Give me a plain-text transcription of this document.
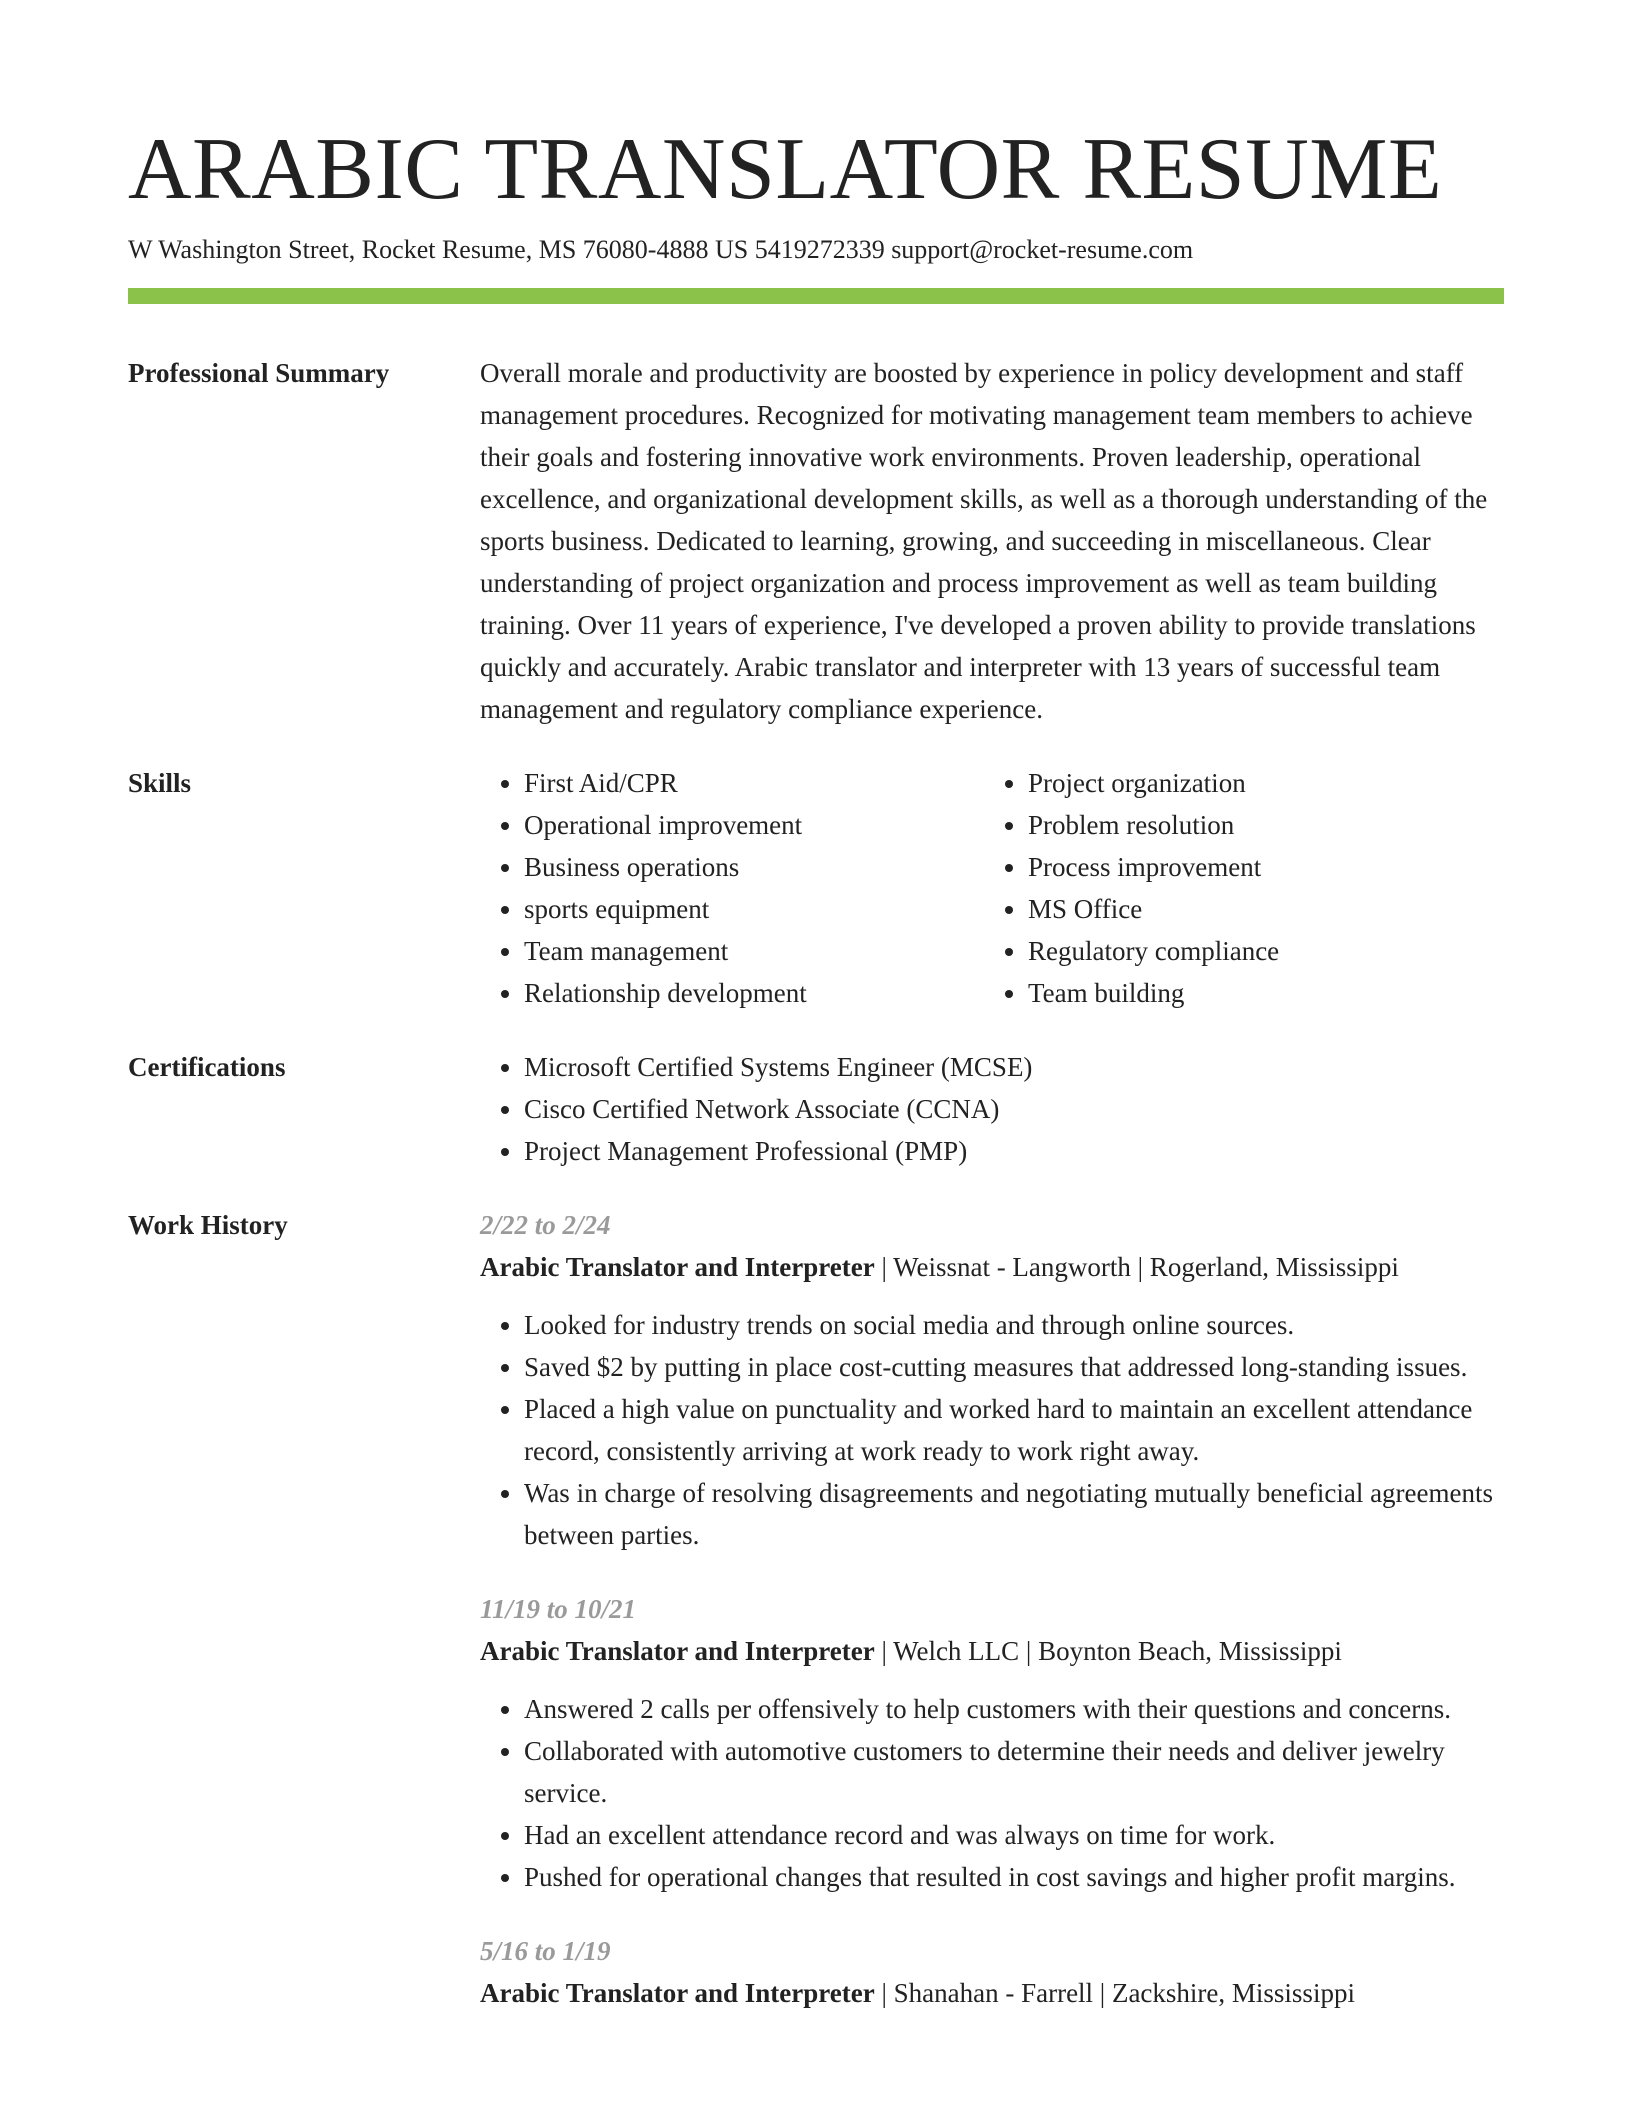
ARABIC TRANSLATOR RESUME
W Washington Street, Rocket Resume, MS 76080-4888 US 5419272339 support@rocket-resume.com
Professional Summary	Overall morale and productivity are boosted by experience in policy development and staff management procedures. Recognized for motivating management team members to achieve their goals and fostering innovative work environments. Proven leadership, operational excellence, and organizational development skills, as well as a thorough understanding of the sports business. Dedicated to learning, growing, and succeeding in miscellaneous. Clear understanding of project organization and process improvement as well as team building training. Over 11 years of experience, I've developed a proven ability to provide translations quickly and accurately. Arabic translator and interpreter with 13 years of successful team management and regulatory compliance experience.

Skills	• First Aid/CPR
• Operational improvement
• Business operations
• sports equipment
• Team management
• Relationship development
• Project organization
• Problem resolution
• Process improvement
• MS Office
• Regulatory compliance
• Team building
Certifications	• Microsoft Certified Systems Engineer (MCSE)
• Cisco Certified Network Associate (CCNA)
• Project Management Professional (PMP)
Work History	2/22 to 2/24
Arabic Translator and Interpreter | Weissnat - Langworth | Rogerland, Mississippi
• Looked for industry trends on social media and through online sources.
• Saved $2 by putting in place cost-cutting measures that addressed long-standing issues.
• Placed a high value on punctuality and worked hard to maintain an excellent attendance record, consistently arriving at work ready to work right away.
• Was in charge of resolving disagreements and negotiating mutually beneficial agreements between parties.
11/19 to 10/21
Arabic Translator and Interpreter | Welch LLC | Boynton Beach, Mississippi
• Answered 2 calls per offensively to help customers with their questions and concerns.
• Collaborated with automotive customers to determine their needs and deliver jewelry service.
• Had an excellent attendance record and was always on time for work.
• Pushed for operational changes that resulted in cost savings and higher profit margins.
5/16 to 1/19
Arabic Translator and Interpreter | Shanahan - Farrell | Zackshire, Mississippi
